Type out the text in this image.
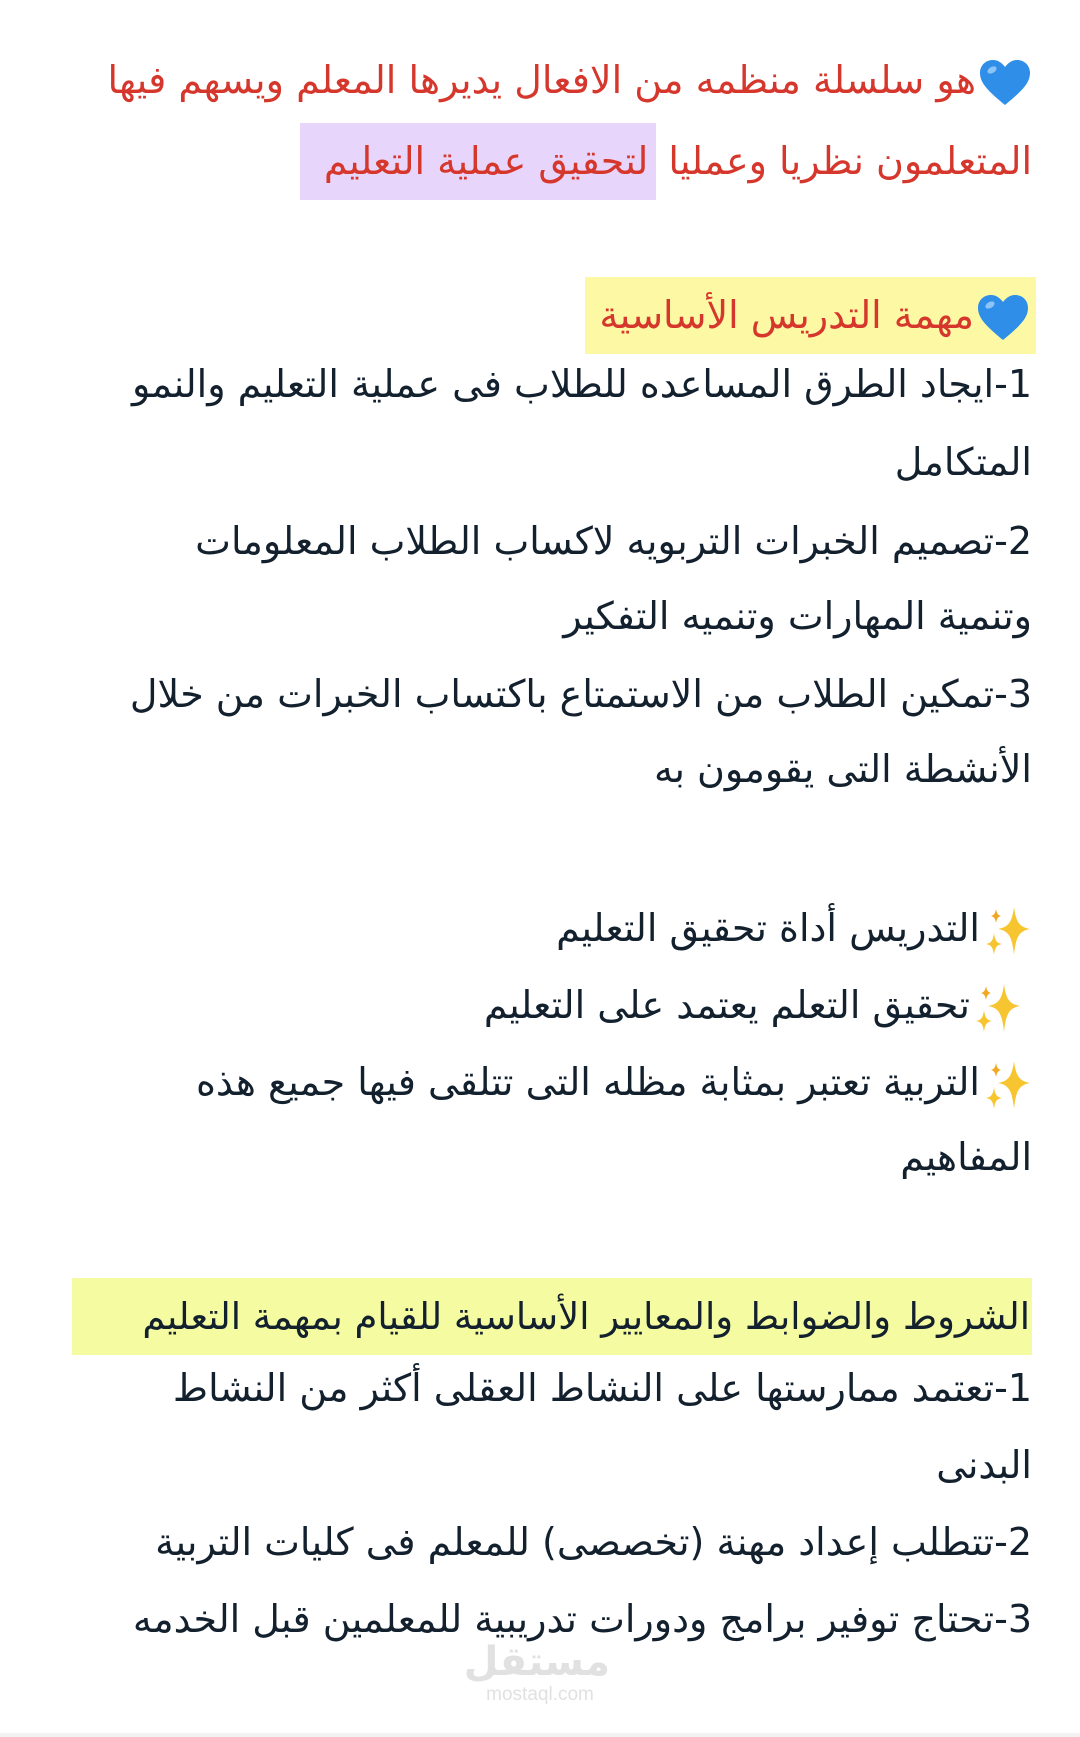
هو سلسلة منظمه من الافعال يديرها المعلم ويسهم فيها
المتعلمون نظريا وعمليا لتحقيق عملية التعليم
مهمة التدريس الأساسية
1-ايجاد الطرق المساعده للطلاب فى عملية التعليم والنمو
المتكامل
2-تصميم الخبرات التربويه لاكساب الطلاب المعلومات
وتنمية المهارات وتنميه التفكير
3-تمكين الطلاب من الاستمتاع باكتساب الخبرات من خلال
الأنشطة التى يقومون به
التدريس أداة تحقيق التعليم
تحقيق التعلم يعتمد على التعليم
التربية تعتبر بمثابة مظله التى تتلقى فيها جميع هذه
المفاهيم
الشروط والضوابط والمعايير الأساسية للقيام بمهمة التعليم
1-تعتمد ممارستها على النشاط العقلى أكثر من النشاط
البدنى
2-تتطلب إعداد مهنة (تخصصى) للمعلم فى كليات التربية
3-تحتاج توفير برامج ودورات تدريبية للمعلمين قبل الخدمه
مستقل
mostaql.com
